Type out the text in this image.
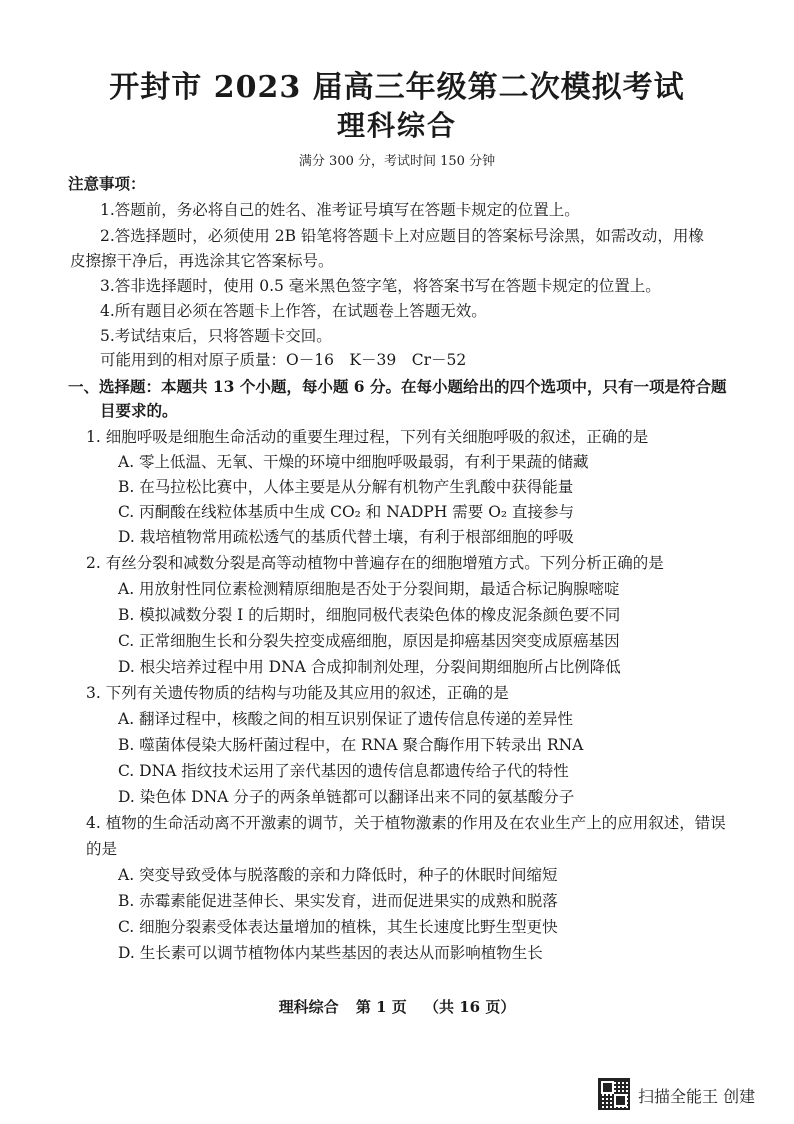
开封市 2023 届高三年级第二次模拟考试
理科综合
满分 300 分，考试时间 150 分钟
注意事项：
1.答题前，务必将自己的姓名、准考证号填写在答题卡规定的位置上。
2.答选择题时，必须使用 2B 铅笔将答题卡上对应题目的答案标号涂黑，如需改动，用橡
皮擦擦干净后，再选涂其它答案标号。
3.答非选择题时，使用 0.5 毫米黑色签字笔，将答案书写在答题卡规定的位置上。
4.所有题目必须在答题卡上作答，在试题卷上答题无效。
5.考试结束后，只将答题卡交回。
可能用到的相对原子质量：O－16　K－39　Cr－52
一、选择题：本题共 13 个小题，每小题 6 分。在每小题给出的四个选项中，只有一项是符合题
目要求的。
1. 细胞呼吸是细胞生命活动的重要生理过程，下列有关细胞呼吸的叙述，正确的是
A. 零上低温、无氧、干燥的环境中细胞呼吸最弱，有利于果蔬的储藏
B. 在马拉松比赛中，人体主要是从分解有机物产生乳酸中获得能量
C. 丙酮酸在线粒体基质中生成 CO₂ 和 NADPH 需要 O₂ 直接参与
D. 栽培植物常用疏松透气的基质代替土壤，有利于根部细胞的呼吸
2. 有丝分裂和减数分裂是高等动植物中普遍存在的细胞增殖方式。下列分析正确的是
A. 用放射性同位素检测精原细胞是否处于分裂间期，最适合标记胸腺嘧啶
B. 模拟减数分裂 I 的后期时，细胞同极代表染色体的橡皮泥条颜色要不同
C. 正常细胞生长和分裂失控变成癌细胞，原因是抑癌基因突变成原癌基因
D. 根尖培养过程中用 DNA 合成抑制剂处理，分裂间期细胞所占比例降低
3. 下列有关遗传物质的结构与功能及其应用的叙述，正确的是
A. 翻译过程中，核酸之间的相互识别保证了遗传信息传递的差异性
B. 噬菌体侵染大肠杆菌过程中，在 RNA 聚合酶作用下转录出 RNA
C. DNA 指纹技术运用了亲代基因的遗传信息都遗传给子代的特性
D. 染色体 DNA 分子的两条单链都可以翻译出来不同的氨基酸分子
4. 植物的生命活动离不开激素的调节，关于植物激素的作用及在农业生产上的应用叙述，错误
的是
A. 突变导致受体与脱落酸的亲和力降低时，种子的休眠时间缩短
B. 赤霉素能促进茎伸长、果实发育，进而促进果实的成熟和脱落
C. 细胞分裂素受体表达量增加的植株，其生长速度比野生型更快
D. 生长素可以调节植物体内某些基因的表达从而影响植物生长
理科综合 第 1 页 （共 16 页）
扫描全能王 创建
